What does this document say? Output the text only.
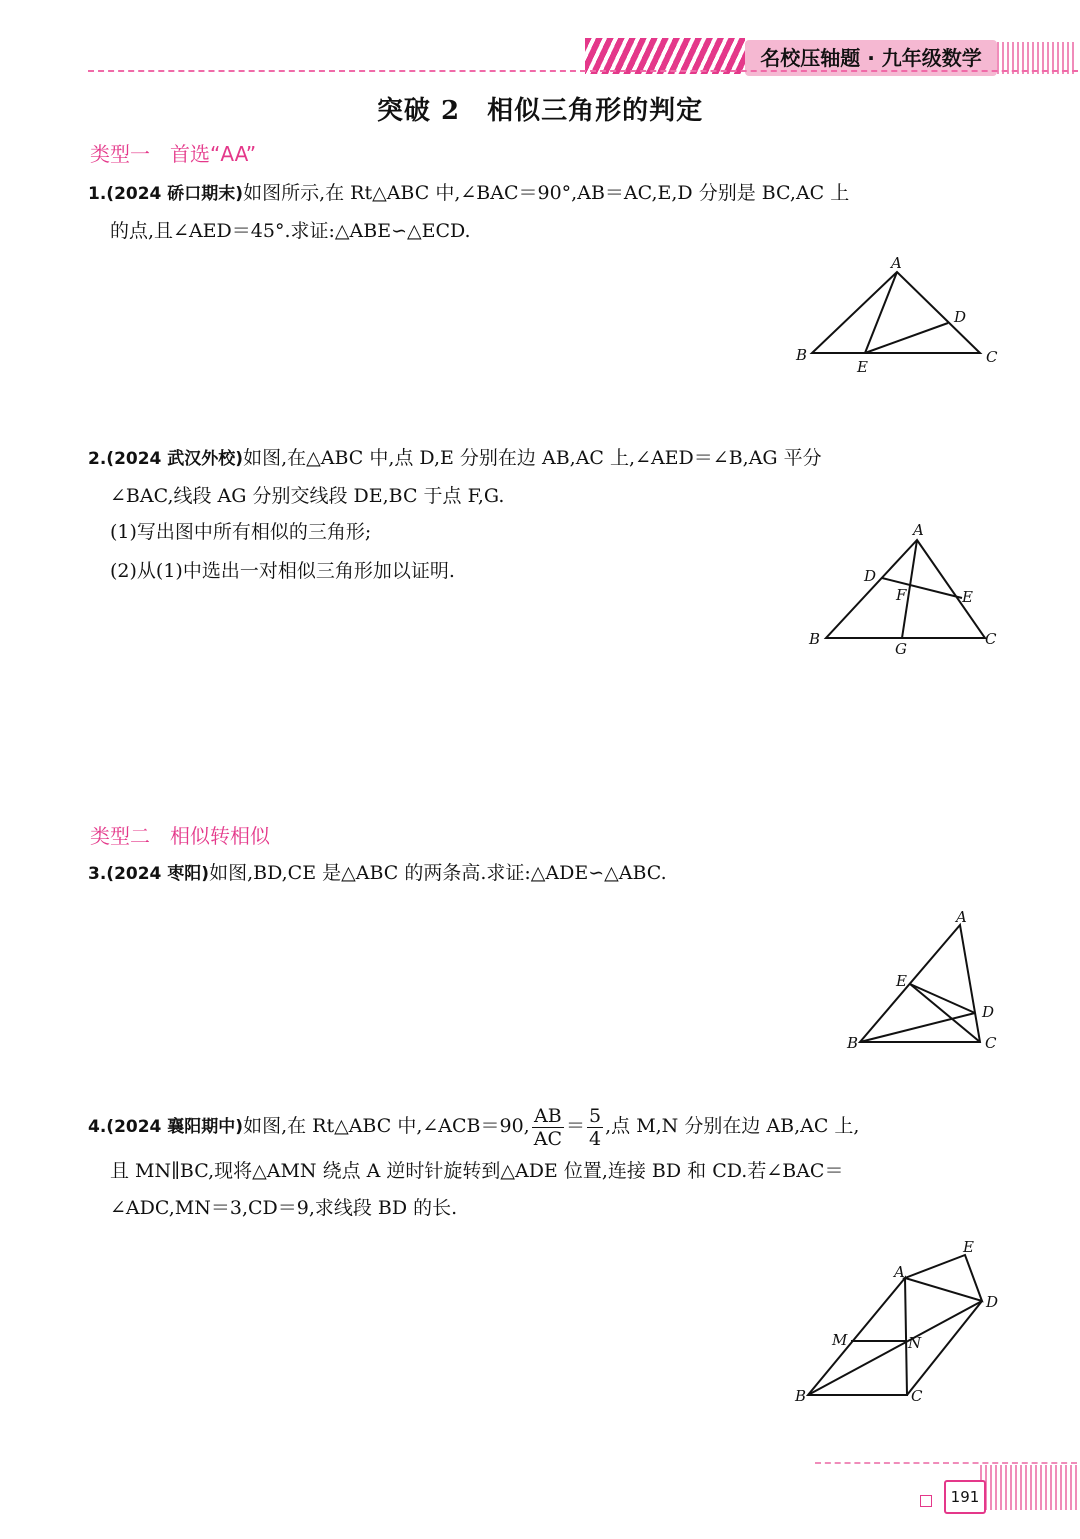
名校压轴题 · 九年级数学
突破 2　相似三角形的判定
类型一　首选“AA”
1.(2024 硚口期末)如图所示,在 Rt△ABC 中,∠BAC＝90°,AB＝AC,E,D 分别是 BC,AC 上
的点,且∠AED＝45°.求证:△ABE∽△ECD.
A
B	C
D
E
2.(2024 武汉外校)如图,在△ABC 中,点 D,E 分别在边 AB,AC 上,∠AED＝∠B,AG 平分
∠BAC,线段 AG 分别交线段 DE,BC 于点 F,G.
(1)写出图中所有相似的三角形;
(2)从(1)中选出一对相似三角形加以证明.
A
B	C
D
E
F
G
类型二　相似转相似
3.(2024 枣阳)如图,BD,CE 是△ABC 的两条高.求证:△ADE∽△ABC.
A
B	C
D
E
4.(2024 襄阳期中)如图,在 Rt△ABC 中,∠ACB＝90, $\frac{AB}{AC} = \frac{5}{4}$ ,点 M,N 分别在边 AB,AC 上,
且 MN∥BC,现将△AMN 绕点 A 逆时针旋转到△ADE 位置,连接 BD 和 CD.若∠BAC＝
∠ADC,MN＝3,CD＝9,求线段 BD 的长.
A
B	C
D
E
M	N
191
